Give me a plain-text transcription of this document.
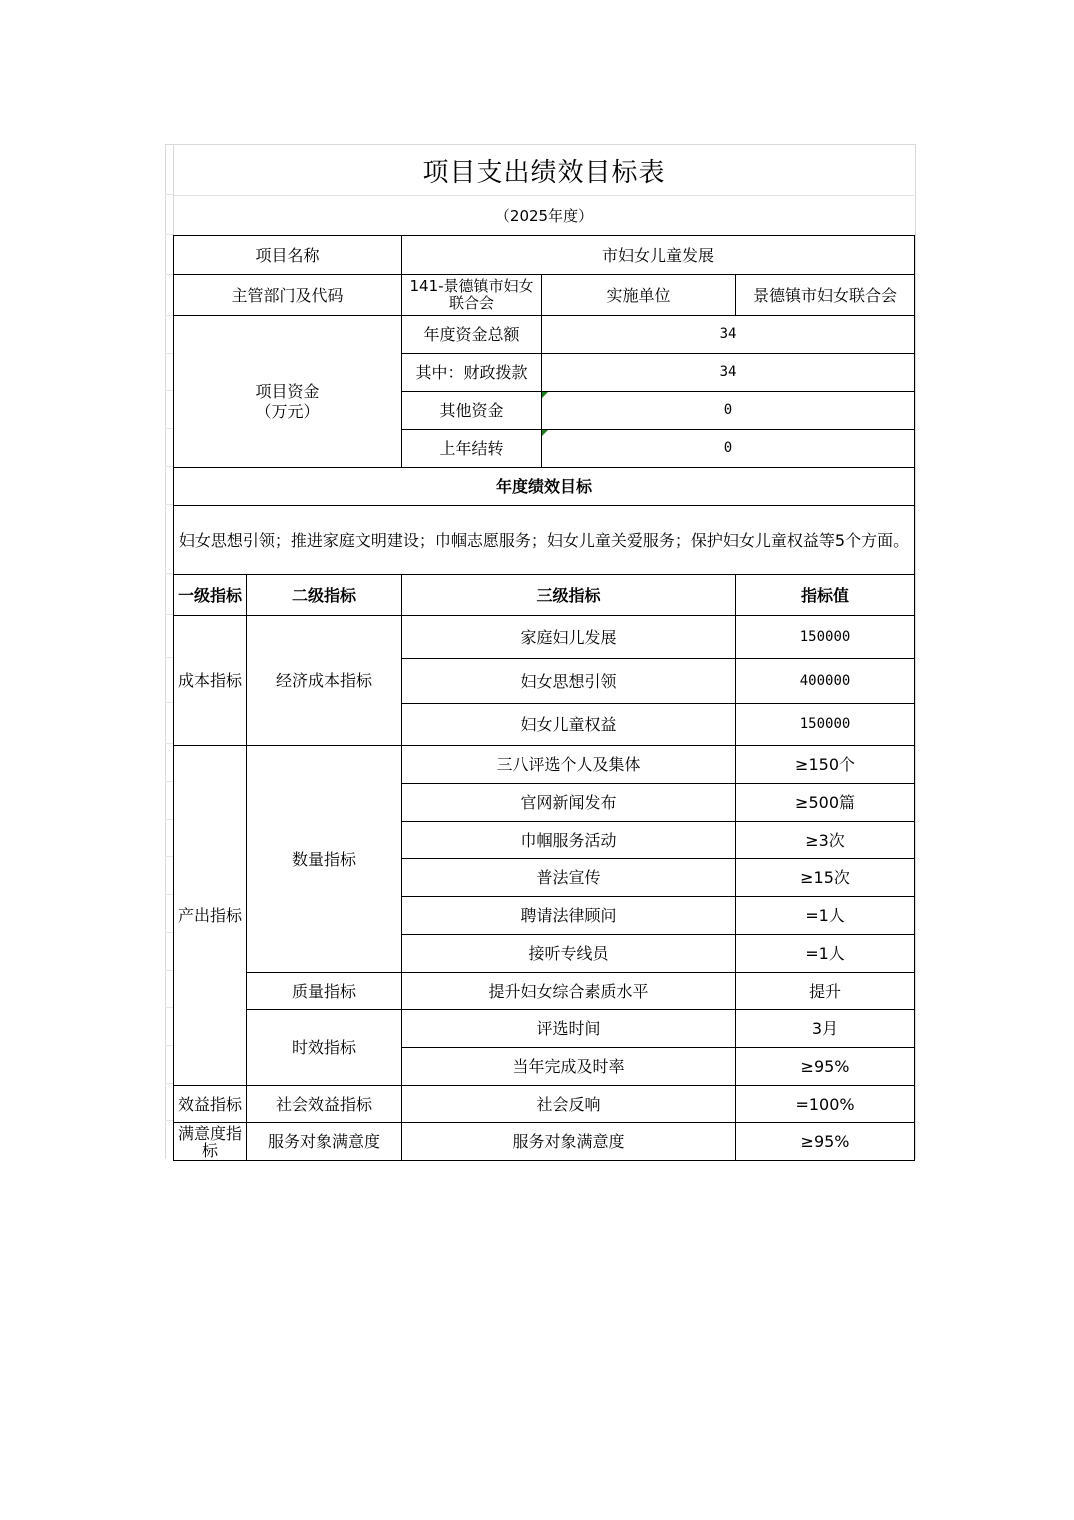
项目支出绩效目标表
（2025年度）
项目名称		市妇女儿童发展		
主管部门及代码		141-景德镇市妇女联合会	实施单位	景德镇市妇女联合会

项目资金
（万元）		年度资金总额	34	
		其中：财政拨款	34	
		其他资金	0	
		上年结转	0	
年度绩效目标				
妇女思想引领；推进家庭文明建设；巾帼志愿服务；妇女儿童关爱服务；保护妇女儿童权益等5个方面。				
一级指标	二级指标	三级指标		指标值
成本指标	经济成本指标	家庭妇儿发展		150000
		妇女思想引领		400000
		妇女儿童权益		150000
产出指标	数量指标	三八评选个人及集体		≥150个
		官网新闻发布		≥500篇
		巾帼服务活动		≥3次
		普法宣传		≥15次
		聘请法律顾问		=1人
		接听专线员		=1人
	质量指标	提升妇女综合素质水平		提升
	时效指标	评选时间		3月
		当年完成及时率		≥95%
效益指标	社会效益指标	社会反响		=100%
满意度指标	服务对象满意度	服务对象满意度		≥95%
